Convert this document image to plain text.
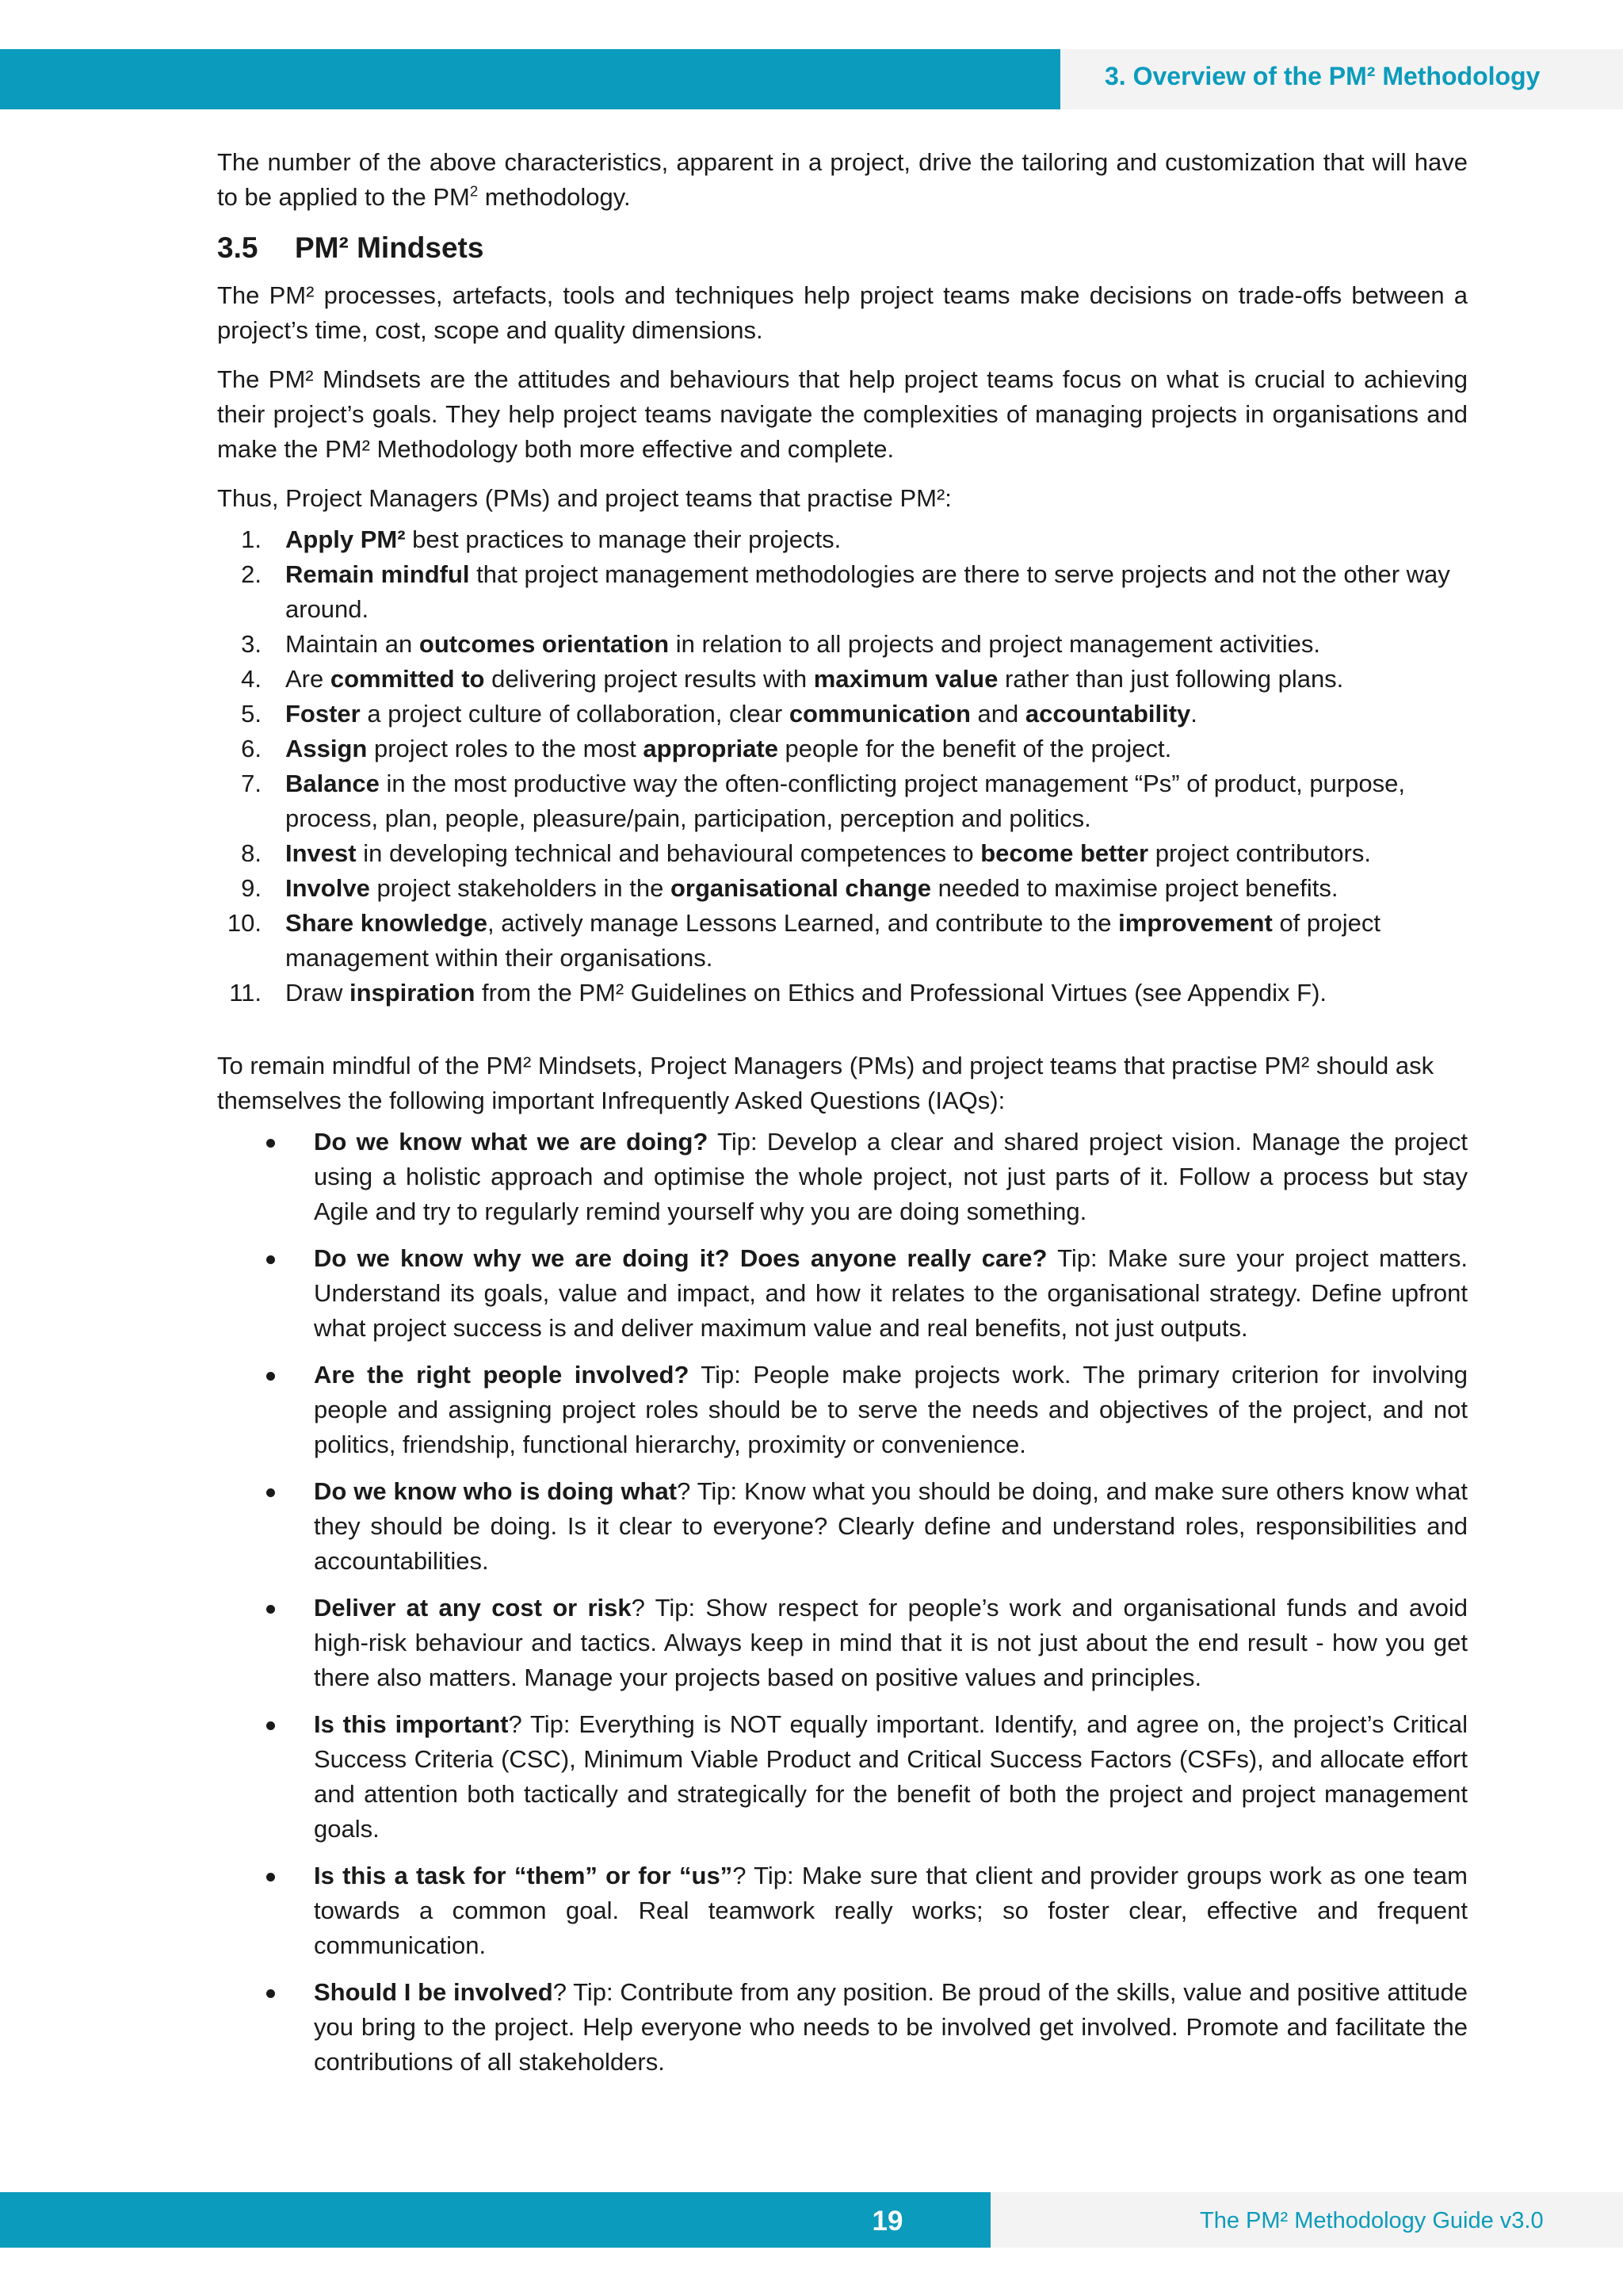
3. Overview of the PM² Methodology

The number of the above characteristics, apparent in a project, drive the tailoring and customization that will have to be applied to the $PM^2$ methodology.

3.5 PM² Mindsets

The PM² processes, artefacts, tools and techniques help project teams make decisions on trade-offs between a project’s time, cost, scope and quality dimensions.

The PM² Mindsets are the attitudes and behaviours that help project teams focus on what is crucial to achieving their project’s goals. They help project teams navigate the complexities of managing projects in organisations and make the PM² Methodology both more effective and complete.

Thus, Project Managers (PMs) and project teams that practise PM²:

1. Apply PM² best practices to manage their projects.
2. Remain mindful that project management methodologies are there to serve projects and not the other way around.
3. Maintain an outcomes orientation in relation to all projects and project management activities.
4. Are committed to delivering project results with maximum value rather than just following plans.
5. Foster a project culture of collaboration, clear communication and accountability.
6. Assign project roles to the most appropriate people for the benefit of the project.
7. Balance in the most productive way the often-conflicting project management “Ps” of product, purpose, process, plan, people, pleasure/pain, participation, perception and politics.
8. Invest in developing technical and behavioural competences to become better project contributors.
9. Involve project stakeholders in the organisational change needed to maximise project benefits.
10. Share knowledge, actively manage Lessons Learned, and contribute to the improvement of project management within their organisations.
11. Draw inspiration from the PM² Guidelines on Ethics and Professional Virtues (see Appendix F).

To remain mindful of the PM² Mindsets, Project Managers (PMs) and project teams that practise PM² should ask themselves the following important Infrequently Asked Questions (IAQs):

Do we know what we are doing? Tip: Develop a clear and shared project vision. Manage the project using a holistic approach and optimise the whole project, not just parts of it. Follow a process but stay Agile and try to regularly remind yourself why you are doing something.
Do we know why we are doing it? Does anyone really care? Tip: Make sure your project matters. Understand its goals, value and impact, and how it relates to the organisational strategy. Define upfront what project success is and deliver maximum value and real benefits, not just outputs.
Are the right people involved? Tip: People make projects work. The primary criterion for involving people and assigning project roles should be to serve the needs and objectives of the project, and not politics, friendship, functional hierarchy, proximity or convenience.
Do we know who is doing what? Tip: Know what you should be doing, and make sure others know what they should be doing. Is it clear to everyone? Clearly define and understand roles, responsibilities and accountabilities.
Deliver at any cost or risk? Tip: Show respect for people’s work and organisational funds and avoid high-risk behaviour and tactics. Always keep in mind that it is not just about the end result - how you get there also matters. Manage your projects based on positive values and principles.
Is this important? Tip: Everything is NOT equally important. Identify, and agree on, the project’s Critical Success Criteria (CSC), Minimum Viable Product and Critical Success Factors (CSFs), and allocate effort and attention both tactically and strategically for the benefit of both the project and project management goals.
Is this a task for “them” or for “us”? Tip: Make sure that client and provider groups work as one team towards a common goal. Real teamwork really works; so foster clear, effective and frequent communication.
Should I be involved? Tip: Contribute from any position. Be proud of the skills, value and positive attitude you bring to the project. Help everyone who needs to be involved get involved. Promote and facilitate the contributions of all stakeholders.
19	The PM² Methodology Guide v3.0
